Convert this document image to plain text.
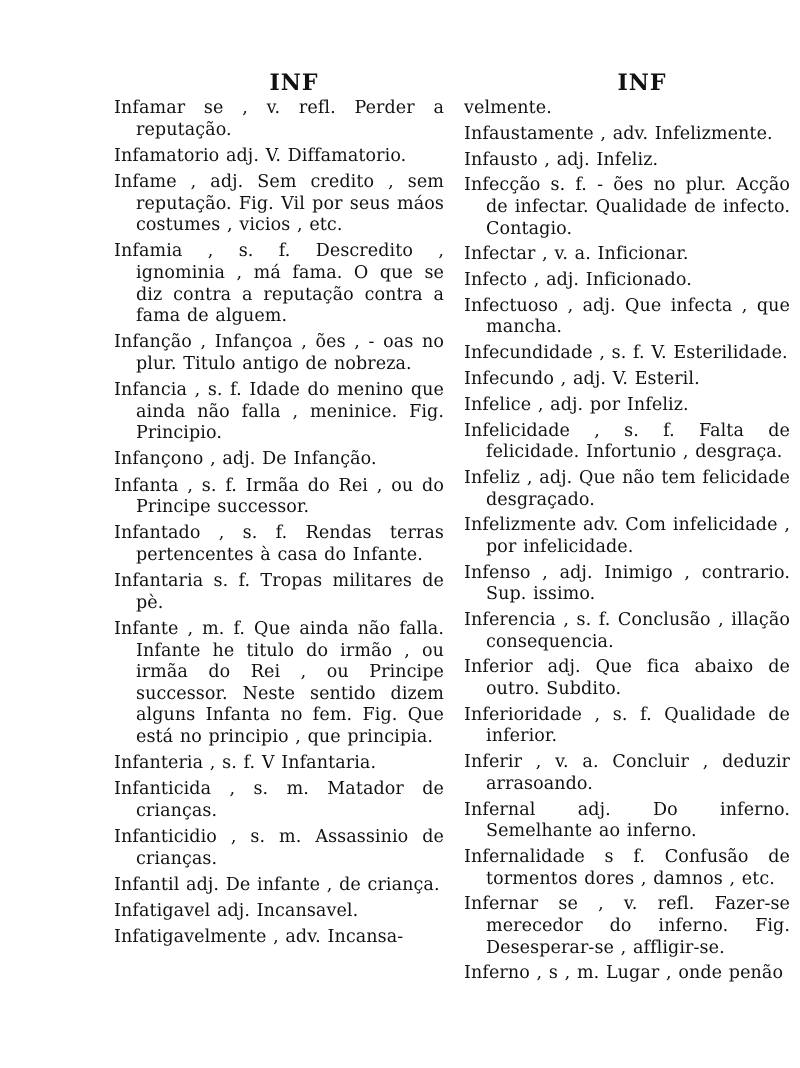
INF

Infamar se , v. refl. Perder a reputação.

Infamatorio adj. V. Diffamatorio.

Infame , adj. Sem credito , sem reputação. Fig. Vil por seus máos costumes , vicios , etc.

Infamia , s. f. Descredito , ignominia , má fama. O que se diz contra a reputação contra a fama de alguem.

Infanção , Infançoa , ões , - oas no plur. Titulo antigo de nobreza.

Infancia , s. f. Idade do menino que ainda não falla , meninice. Fig. Principio.

Infançono , adj. De Infanção.

Infanta , s. f. Irmãa do Rei , ou do Principe successor.

Infantado , s. f. Rendas terras pertencentes à casa do Infante.

Infantaria s. f. Tropas militares de pè.

Infante , m. f. Que ainda não falla. Infante he titulo do irmão , ou irmãa do Rei , ou Principe successor. Neste sentido dizem alguns Infanta no fem. Fig. Que está no principio , que principia.

Infanteria , s. f. V Infantaria.

Infanticida , s. m. Matador de crianças.

Infanticidio , s. m. Assassinio de crianças.

Infantil adj. De infante , de criança.

Infatigavel adj. Incansavel.

Infatigavelmente , adv. Incansa-

INF

velmente.

Infaustamente , adv. Infelizmente.

Infausto , adj. Infeliz.

Infecção s. f. - ões no plur. Acção de infectar. Qualidade de infecto. Contagio.

Infectar , v. a. Inficionar.

Infecto , adj. Inficionado.

Infectuoso , adj. Que infecta , que mancha.

Infecundidade , s. f. V. Esterilidade.

Infecundo , adj. V. Esteril.

Infelice , adj. por Infeliz.

Infelicidade , s. f. Falta de felicidade. Infortunio , desgraça.

Infeliz , adj. Que não tem felicidade desgraçado.

Infelizmente adv. Com infelicidade , por infelicidade.

Infenso , adj. Inimigo , contrario. Sup. issimo.

Inferencia , s. f. Conclusão , illação consequencia.

Inferior adj. Que fica abaixo de outro. Subdito.

Inferioridade , s. f. Qualidade de inferior.

Inferir , v. a. Concluir , deduzir arrasoando.

Infernal adj. Do inferno. Semelhante ao inferno.

Infernalidade s f. Confusão de tormentos dores , damnos , etc.

Infernar se , v. refl. Fazer-se merecedor do inferno. Fig. Desesperar-se , affligir-se.

Inferno , s , m. Lugar , onde penão
